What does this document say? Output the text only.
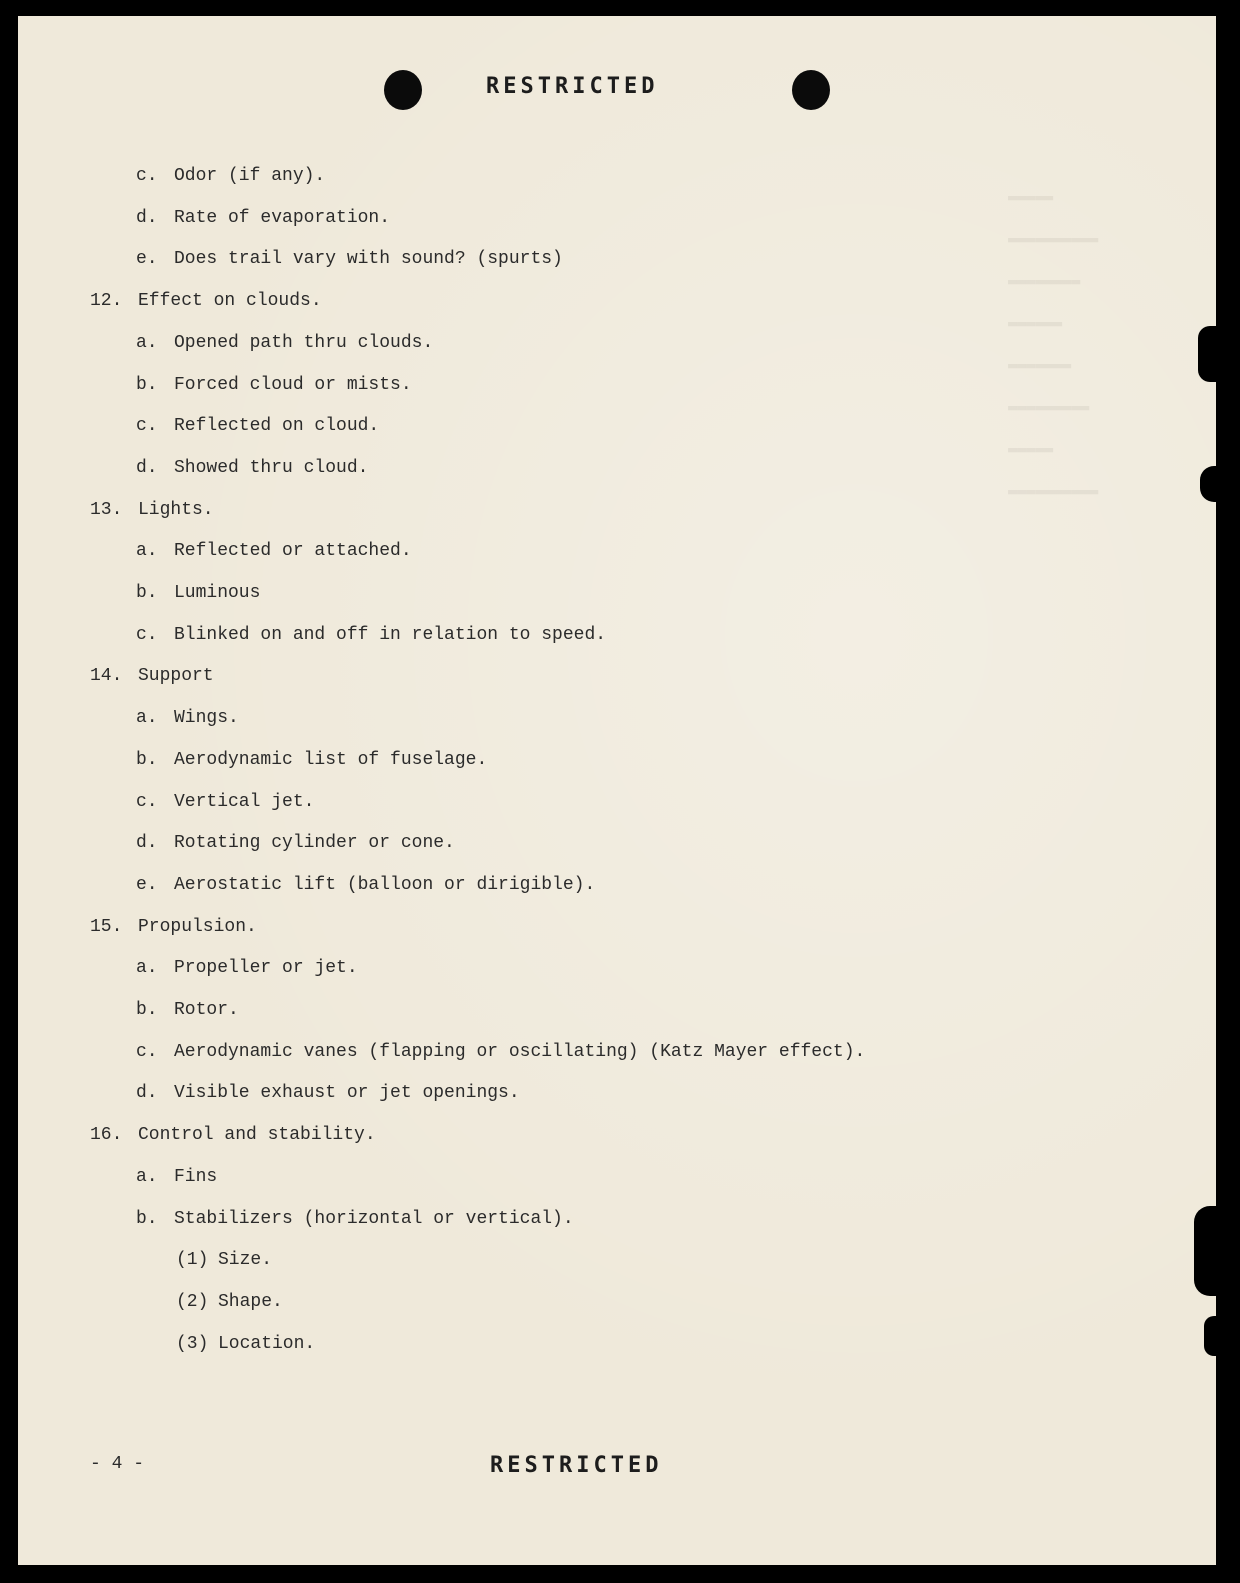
▬▬▬▬▬
▬▬▬▬▬▬▬▬▬▬
▬▬▬▬▬▬▬▬
▬▬▬▬▬▬
▬▬▬▬▬▬▬
▬▬▬▬▬▬▬▬▬
▬▬▬▬▬
▬▬▬▬▬▬▬▬▬▬
RESTRICTED
c. Odor (if any).
d. Rate of evaporation.
e. Does trail vary with sound? (spurts)
12. Effect on clouds.
a. Opened path thru clouds.
b. Forced cloud or mists.
c. Reflected on cloud.
d. Showed thru cloud.
13. Lights.
a. Reflected or attached.
b. Luminous
c. Blinked on and off in relation to speed.
14. Support
a. Wings.
b. Aerodynamic list of fuselage.
c. Vertical jet.
d. Rotating cylinder or cone.
e. Aerostatic lift (balloon or dirigible).
15. Propulsion.
a. Propeller or jet.
b. Rotor.
c. Aerodynamic vanes (flapping or oscillating) (Katz Mayer effect).
d. Visible exhaust or jet openings.
16. Control and stability.
a. Fins
b. Stabilizers (horizontal or vertical).
(1) Size.
(2) Shape.
(3) Location.
- 4 -	RESTRICTED
